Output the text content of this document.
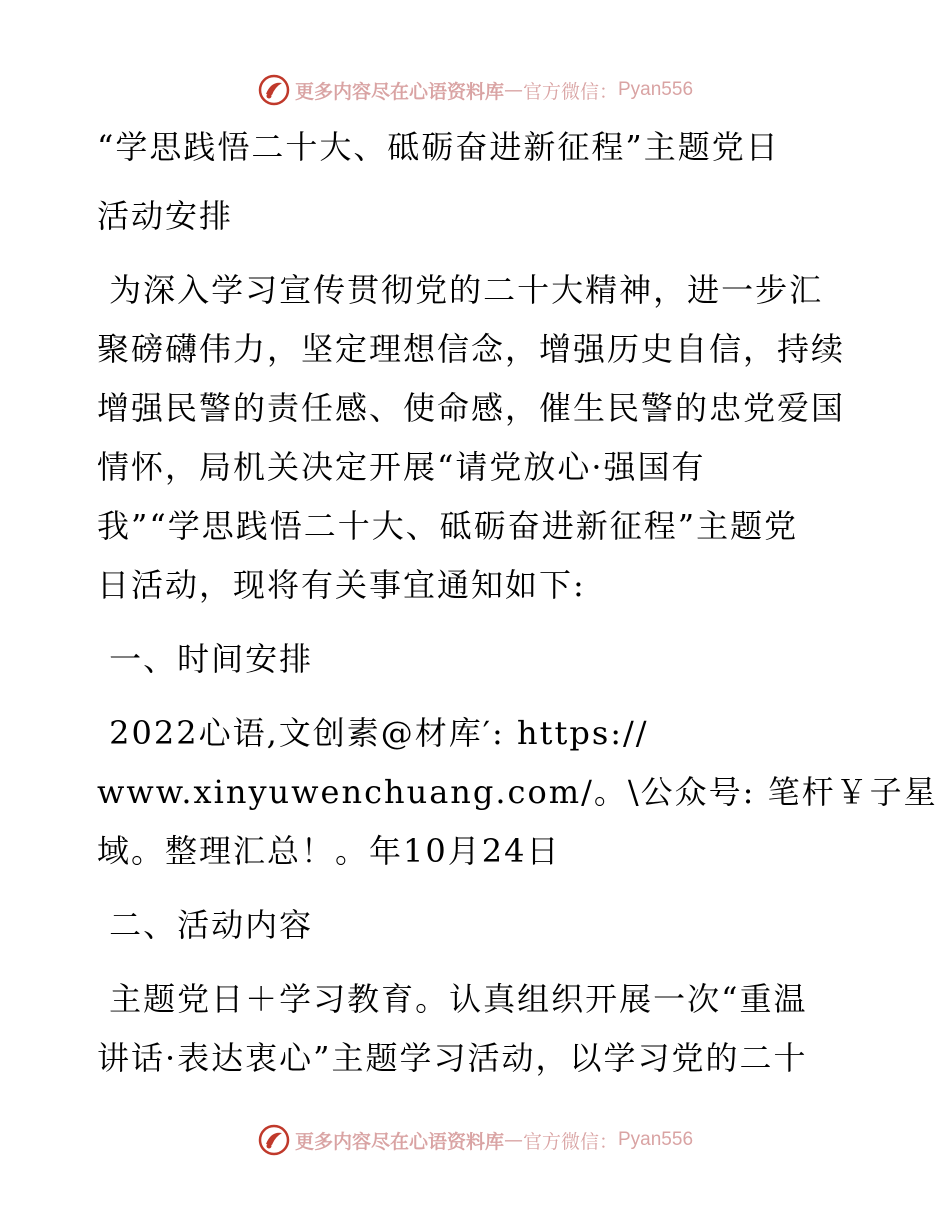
更多内容尽在心语资料库 — 官方微信： Pyan556
“学思践悟二十大、砥砺奋进新征程”主题党日
活动安排
为深入学习宣传贯彻党的二十大精神，进一步汇
聚磅礴伟力，坚定理想信念，增强历史自信，持续
增强民警的责任感、使命感，催生民警的忠党爱国
情怀，局机关决定开展“请党放心·强国有
我”“学思践悟二十大、砥砺奋进新征程”主题党
日活动，现将有关事宜通知如下:
一、时间安排
2022心语,文创素@材库′: https://
www.xinyuwenchuang.com/。\公众号: 笔杆￥子星
域。整理汇总！。年10月24日
二、活动内容
主题党日＋学习教育。认真组织开展一次“重温
讲话·表达衷心”主题学习活动，以学习党的二十
更多内容尽在心语资料库 — 官方微信： Pyan556
